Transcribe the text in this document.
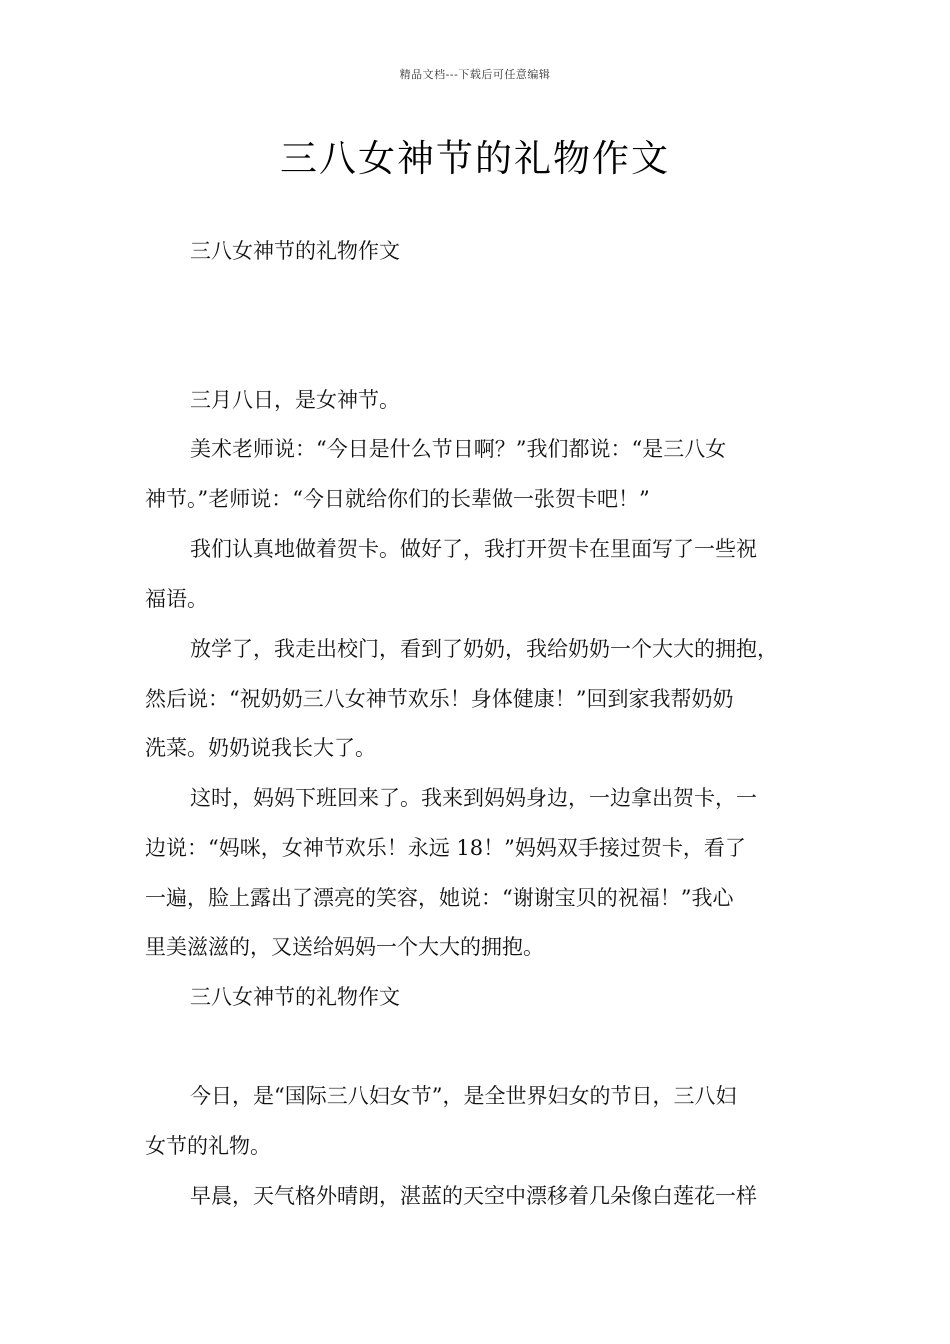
精品文档---下载后可任意编辑
三八女神节的礼物作文
三八女神节的礼物作文
三月八日，是女神节。
美术老师说：“今日是什么节日啊？”我们都说：“是三八女
神节。”老师说：“今日就给你们的长辈做一张贺卡吧！”
我们认真地做着贺卡。做好了，我打开贺卡在里面写了一些祝
福语。
放学了，我走出校门，看到了奶奶，我给奶奶一个大大的拥抱，
然后说：“祝奶奶三八女神节欢乐！身体健康！”回到家我帮奶奶
洗菜。奶奶说我长大了。
这时，妈妈下班回来了。我来到妈妈身边，一边拿出贺卡，一
边说：“妈咪，女神节欢乐！永远 18！”妈妈双手接过贺卡，看了
一遍，脸上露出了漂亮的笑容，她说：“谢谢宝贝的祝福！”我心
里美滋滋的，又送给妈妈一个大大的拥抱。
三八女神节的礼物作文
今日，是“国际三八妇女节”，是全世界妇女的节日，三八妇
女节的礼物。
早晨，天气格外晴朗，湛蓝的天空中漂移着几朵像白莲花一样
